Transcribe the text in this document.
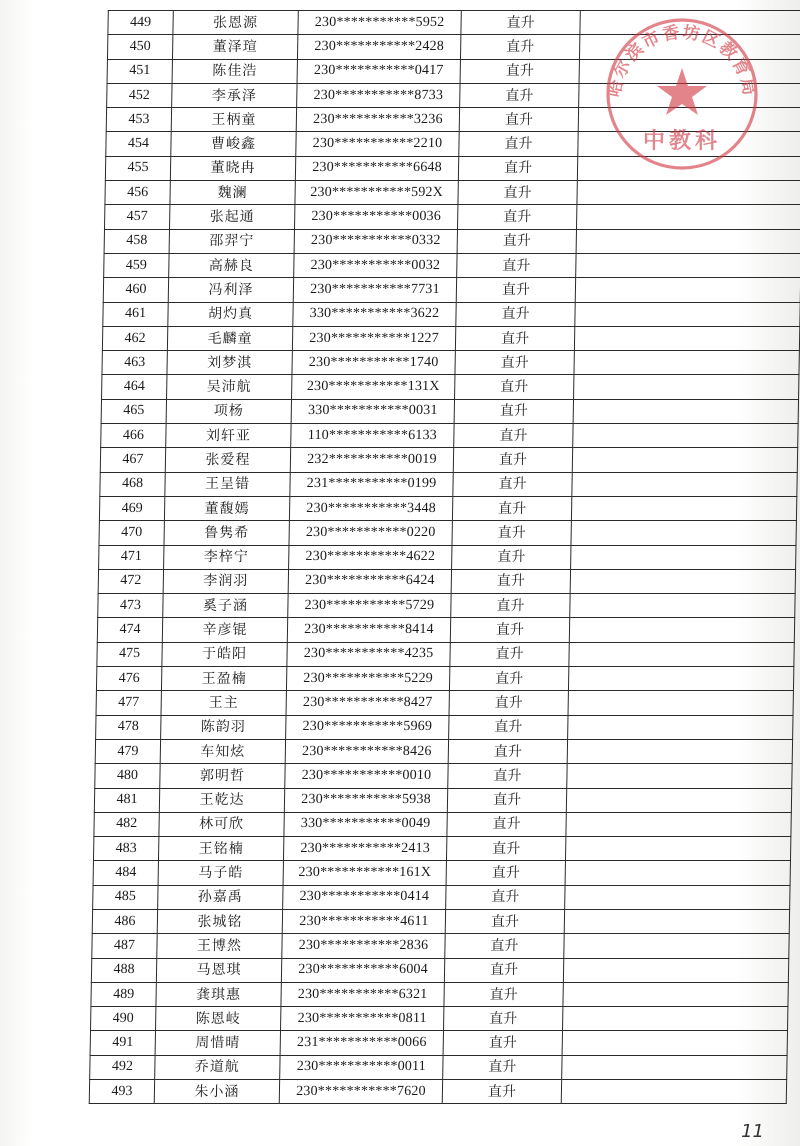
449	张恩源	230***********5952	直升	
450	董泽瑄	230***********2428	直升	
451	陈佳浩	230***********0417	直升	
452	李承泽	230***********8733	直升	
453	王柄童	230***********3236	直升	
454	曹峻鑫	230***********2210	直升	
455	董晓冉	230***********6648	直升	
456	魏澜	230***********592X	直升	
457	张起通	230***********0036	直升	
458	邵羿宁	230***********0332	直升	
459	高赫良	230***********0032	直升	
460	冯利泽	230***********7731	直升	
461	胡灼真	330***********3622	直升	
462	毛麟童	230***********1227	直升	
463	刘梦淇	230***********1740	直升	
464	吴沛航	230***********131X	直升	
465	项杨	330***********0031	直升	
466	刘轩亚	110***********6133	直升	
467	张爱程	232***********0019	直升	
468	王呈错	231***********0199	直升	
469	董馥嫣	230***********3448	直升	
470	鲁隽希	230***********0220	直升	
471	李梓宁	230***********4622	直升	
472	李润羽	230***********6424	直升	
473	奚子涵	230***********5729	直升	
474	辛彦锟	230***********8414	直升	
475	于皓阳	230***********4235	直升	
476	王盈楠	230***********5229	直升	
477	王主	230***********8427	直升	
478	陈韵羽	230***********5969	直升	
479	车知炫	230***********8426	直升	
480	郭明哲	230***********0010	直升	
481	王乾达	230***********5938	直升	
482	林可欣	330***********0049	直升	
483	王铭楠	230***********2413	直升	
484	马子皓	230***********161X	直升	
485	孙嘉禹	230***********0414	直升	
486	张城铭	230***********4611	直升	
487	王博然	230***********2836	直升	
488	马恩琪	230***********6004	直升	
489	龚琪惠	230***********6321	直升	
490	陈恩岐	230***********0811	直升	
491	周惜晴	231***********0066	直升	
492	乔道航	230***********0011	直升	
493	朱小涵	230***********7620	直升	
哈尔滨市香坊区教育局
中教科
11
